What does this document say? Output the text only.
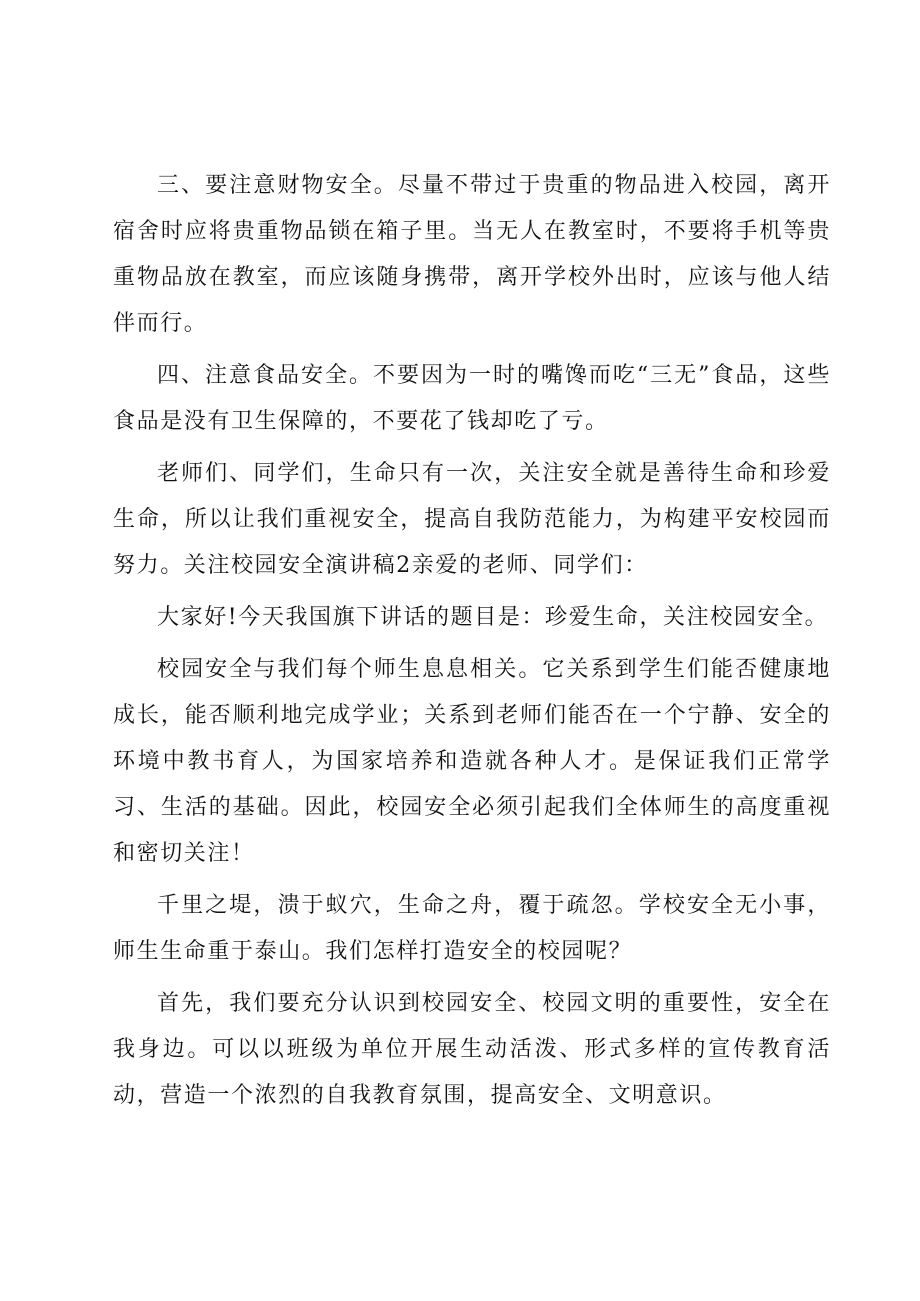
三、要注意财物安全。尽量不带过于贵重的物品进入校园，离开宿舍时应将贵重物品锁在箱子里。当无人在教室时，不要将手机等贵重物品放在教室，而应该随身携带，离开学校外出时，应该与他人结伴而行。

四、注意食品安全。不要因为一时的嘴馋而吃“三无”食品，这些食品是没有卫生保障的，不要花了钱却吃了亏。

老师们、同学们，生命只有一次，关注安全就是善待生命和珍爱生命，所以让我们重视安全，提高自我防范能力，为构建平安校园而努力。关注校园安全演讲稿2亲爱的老师、同学们：

大家好!今天我国旗下讲话的题目是：珍爱生命，关注校园安全。

校园安全与我们每个师生息息相关。它关系到学生们能否健康地成长，能否顺利地完成学业；关系到老师们能否在一个宁静、安全的环境中教书育人，为国家培养和造就各种人才。是保证我们正常学习、生活的基础。因此，校园安全必须引起我们全体师生的高度重视和密切关注！

千里之堤，溃于蚁穴，生命之舟，覆于疏忽。学校安全无小事，师生生命重于泰山。我们怎样打造安全的校园呢？

首先，我们要充分认识到校园安全、校园文明的重要性，安全在我身边。可以以班级为单位开展生动活泼、形式多样的宣传教育活动，营造一个浓烈的自我教育氛围，提高安全、文明意识。
